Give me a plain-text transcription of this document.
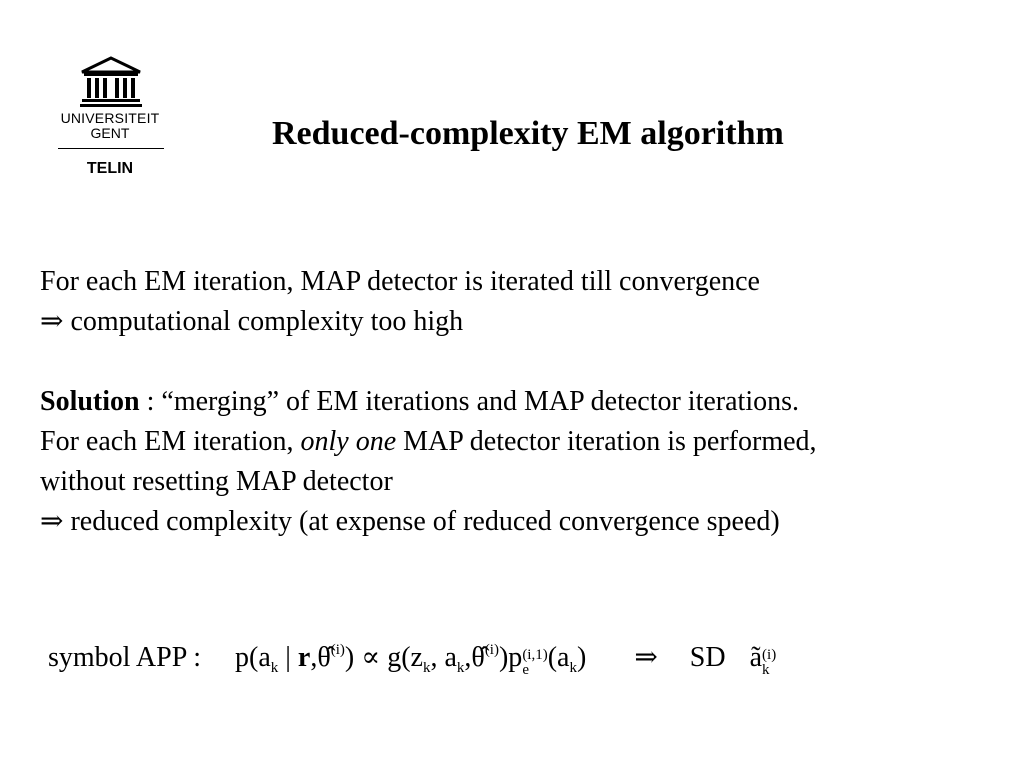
UNIVERSITEIT
GENT
TELIN
Reduced-complexity EM algorithm

For each EM iteration, MAP detector is iterated till convergence

⇒ computational complexity too high

Solution : “merging” of EM iterations and MAP detector iterations.

For each EM iteration, only one MAP detector iteration is performed,

without resetting MAP detector

⇒ reduced complexity (at expense of reduced convergence speed)

symbol APP : $p(a_k$ | r,θ̂$^{(i)}$) ∝ $g(z_k$, $a_k,\thetâ^{(i)})p$ (i,1)
e $(a_k)$ ⇒ SD ã (i)
k
